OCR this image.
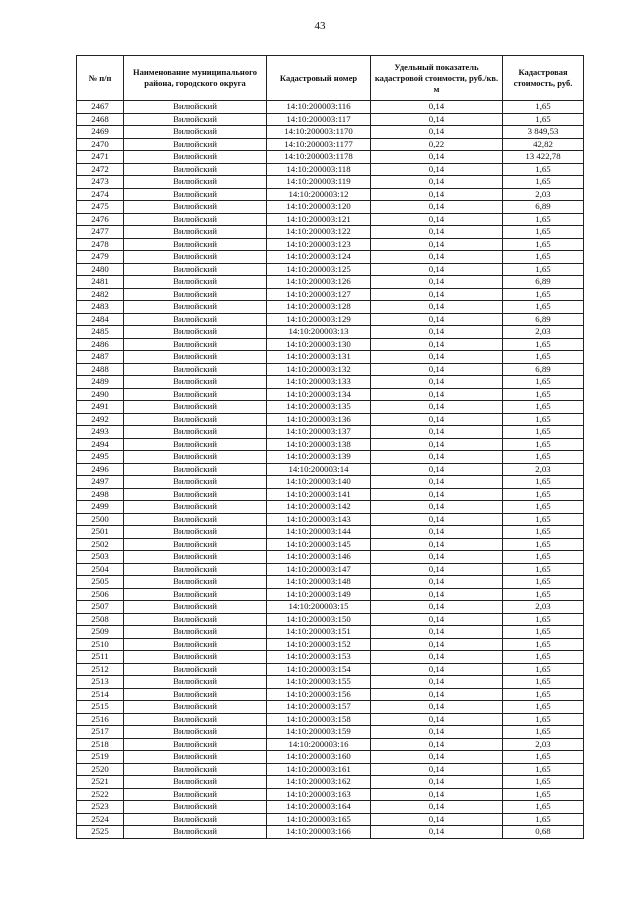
43
№ п/п	Наименование муниципального района, городского округа	Кадастровый номер	Удельный показатель кадастровой стоимости, руб./кв. м	Кадастровая стоимость, руб.
2467	Вилюйский	14:10:200003:116	0,14	1,65
2468	Вилюйский	14:10:200003:117	0,14	1,65
2469	Вилюйский	14:10:200003:1170	0,14	3 849,53
2470	Вилюйский	14:10:200003:1177	0,22	42,82
2471	Вилюйский	14:10:200003:1178	0,14	13 422,78
2472	Вилюйский	14:10:200003:118	0,14	1,65
2473	Вилюйский	14:10:200003:119	0,14	1,65
2474	Вилюйский	14:10:200003:12	0,14	2,03
2475	Вилюйский	14:10:200003:120	0,14	6,89
2476	Вилюйский	14:10:200003:121	0,14	1,65
2477	Вилюйский	14:10:200003:122	0,14	1,65
2478	Вилюйский	14:10:200003:123	0,14	1,65
2479	Вилюйский	14:10:200003:124	0,14	1,65
2480	Вилюйский	14:10:200003:125	0,14	1,65
2481	Вилюйский	14:10:200003:126	0,14	6,89
2482	Вилюйский	14:10:200003:127	0,14	1,65
2483	Вилюйский	14:10:200003:128	0,14	1,65
2484	Вилюйский	14:10:200003:129	0,14	6,89
2485	Вилюйский	14:10:200003:13	0,14	2,03
2486	Вилюйский	14:10:200003:130	0,14	1,65
2487	Вилюйский	14:10:200003:131	0,14	1,65
2488	Вилюйский	14:10:200003:132	0,14	6,89
2489	Вилюйский	14:10:200003:133	0,14	1,65
2490	Вилюйский	14:10:200003:134	0,14	1,65
2491	Вилюйский	14:10:200003:135	0,14	1,65
2492	Вилюйский	14:10:200003:136	0,14	1,65
2493	Вилюйский	14:10:200003:137	0,14	1,65
2494	Вилюйский	14:10:200003:138	0,14	1,65
2495	Вилюйский	14:10:200003:139	0,14	1,65
2496	Вилюйский	14:10:200003:14	0,14	2,03
2497	Вилюйский	14:10:200003:140	0,14	1,65
2498	Вилюйский	14:10:200003:141	0,14	1,65
2499	Вилюйский	14:10:200003:142	0,14	1,65
2500	Вилюйский	14:10:200003:143	0,14	1,65
2501	Вилюйский	14:10:200003:144	0,14	1,65
2502	Вилюйский	14:10:200003:145	0,14	1,65
2503	Вилюйский	14:10:200003:146	0,14	1,65
2504	Вилюйский	14:10:200003:147	0,14	1,65
2505	Вилюйский	14:10:200003:148	0,14	1,65
2506	Вилюйский	14:10:200003:149	0,14	1,65
2507	Вилюйский	14:10:200003:15	0,14	2,03
2508	Вилюйский	14:10:200003:150	0,14	1,65
2509	Вилюйский	14:10:200003:151	0,14	1,65
2510	Вилюйский	14:10:200003:152	0,14	1,65
2511	Вилюйский	14:10:200003:153	0,14	1,65
2512	Вилюйский	14:10:200003:154	0,14	1,65
2513	Вилюйский	14:10:200003:155	0,14	1,65
2514	Вилюйский	14:10:200003:156	0,14	1,65
2515	Вилюйский	14:10:200003:157	0,14	1,65
2516	Вилюйский	14:10:200003:158	0,14	1,65
2517	Вилюйский	14:10:200003:159	0,14	1,65
2518	Вилюйский	14:10:200003:16	0,14	2,03
2519	Вилюйский	14:10:200003:160	0,14	1,65
2520	Вилюйский	14:10:200003:161	0,14	1,65
2521	Вилюйский	14:10:200003:162	0,14	1,65
2522	Вилюйский	14:10:200003:163	0,14	1,65
2523	Вилюйский	14:10:200003:164	0,14	1,65
2524	Вилюйский	14:10:200003:165	0,14	1,65
2525	Вилюйский	14:10:200003:166	0,14	0,68
